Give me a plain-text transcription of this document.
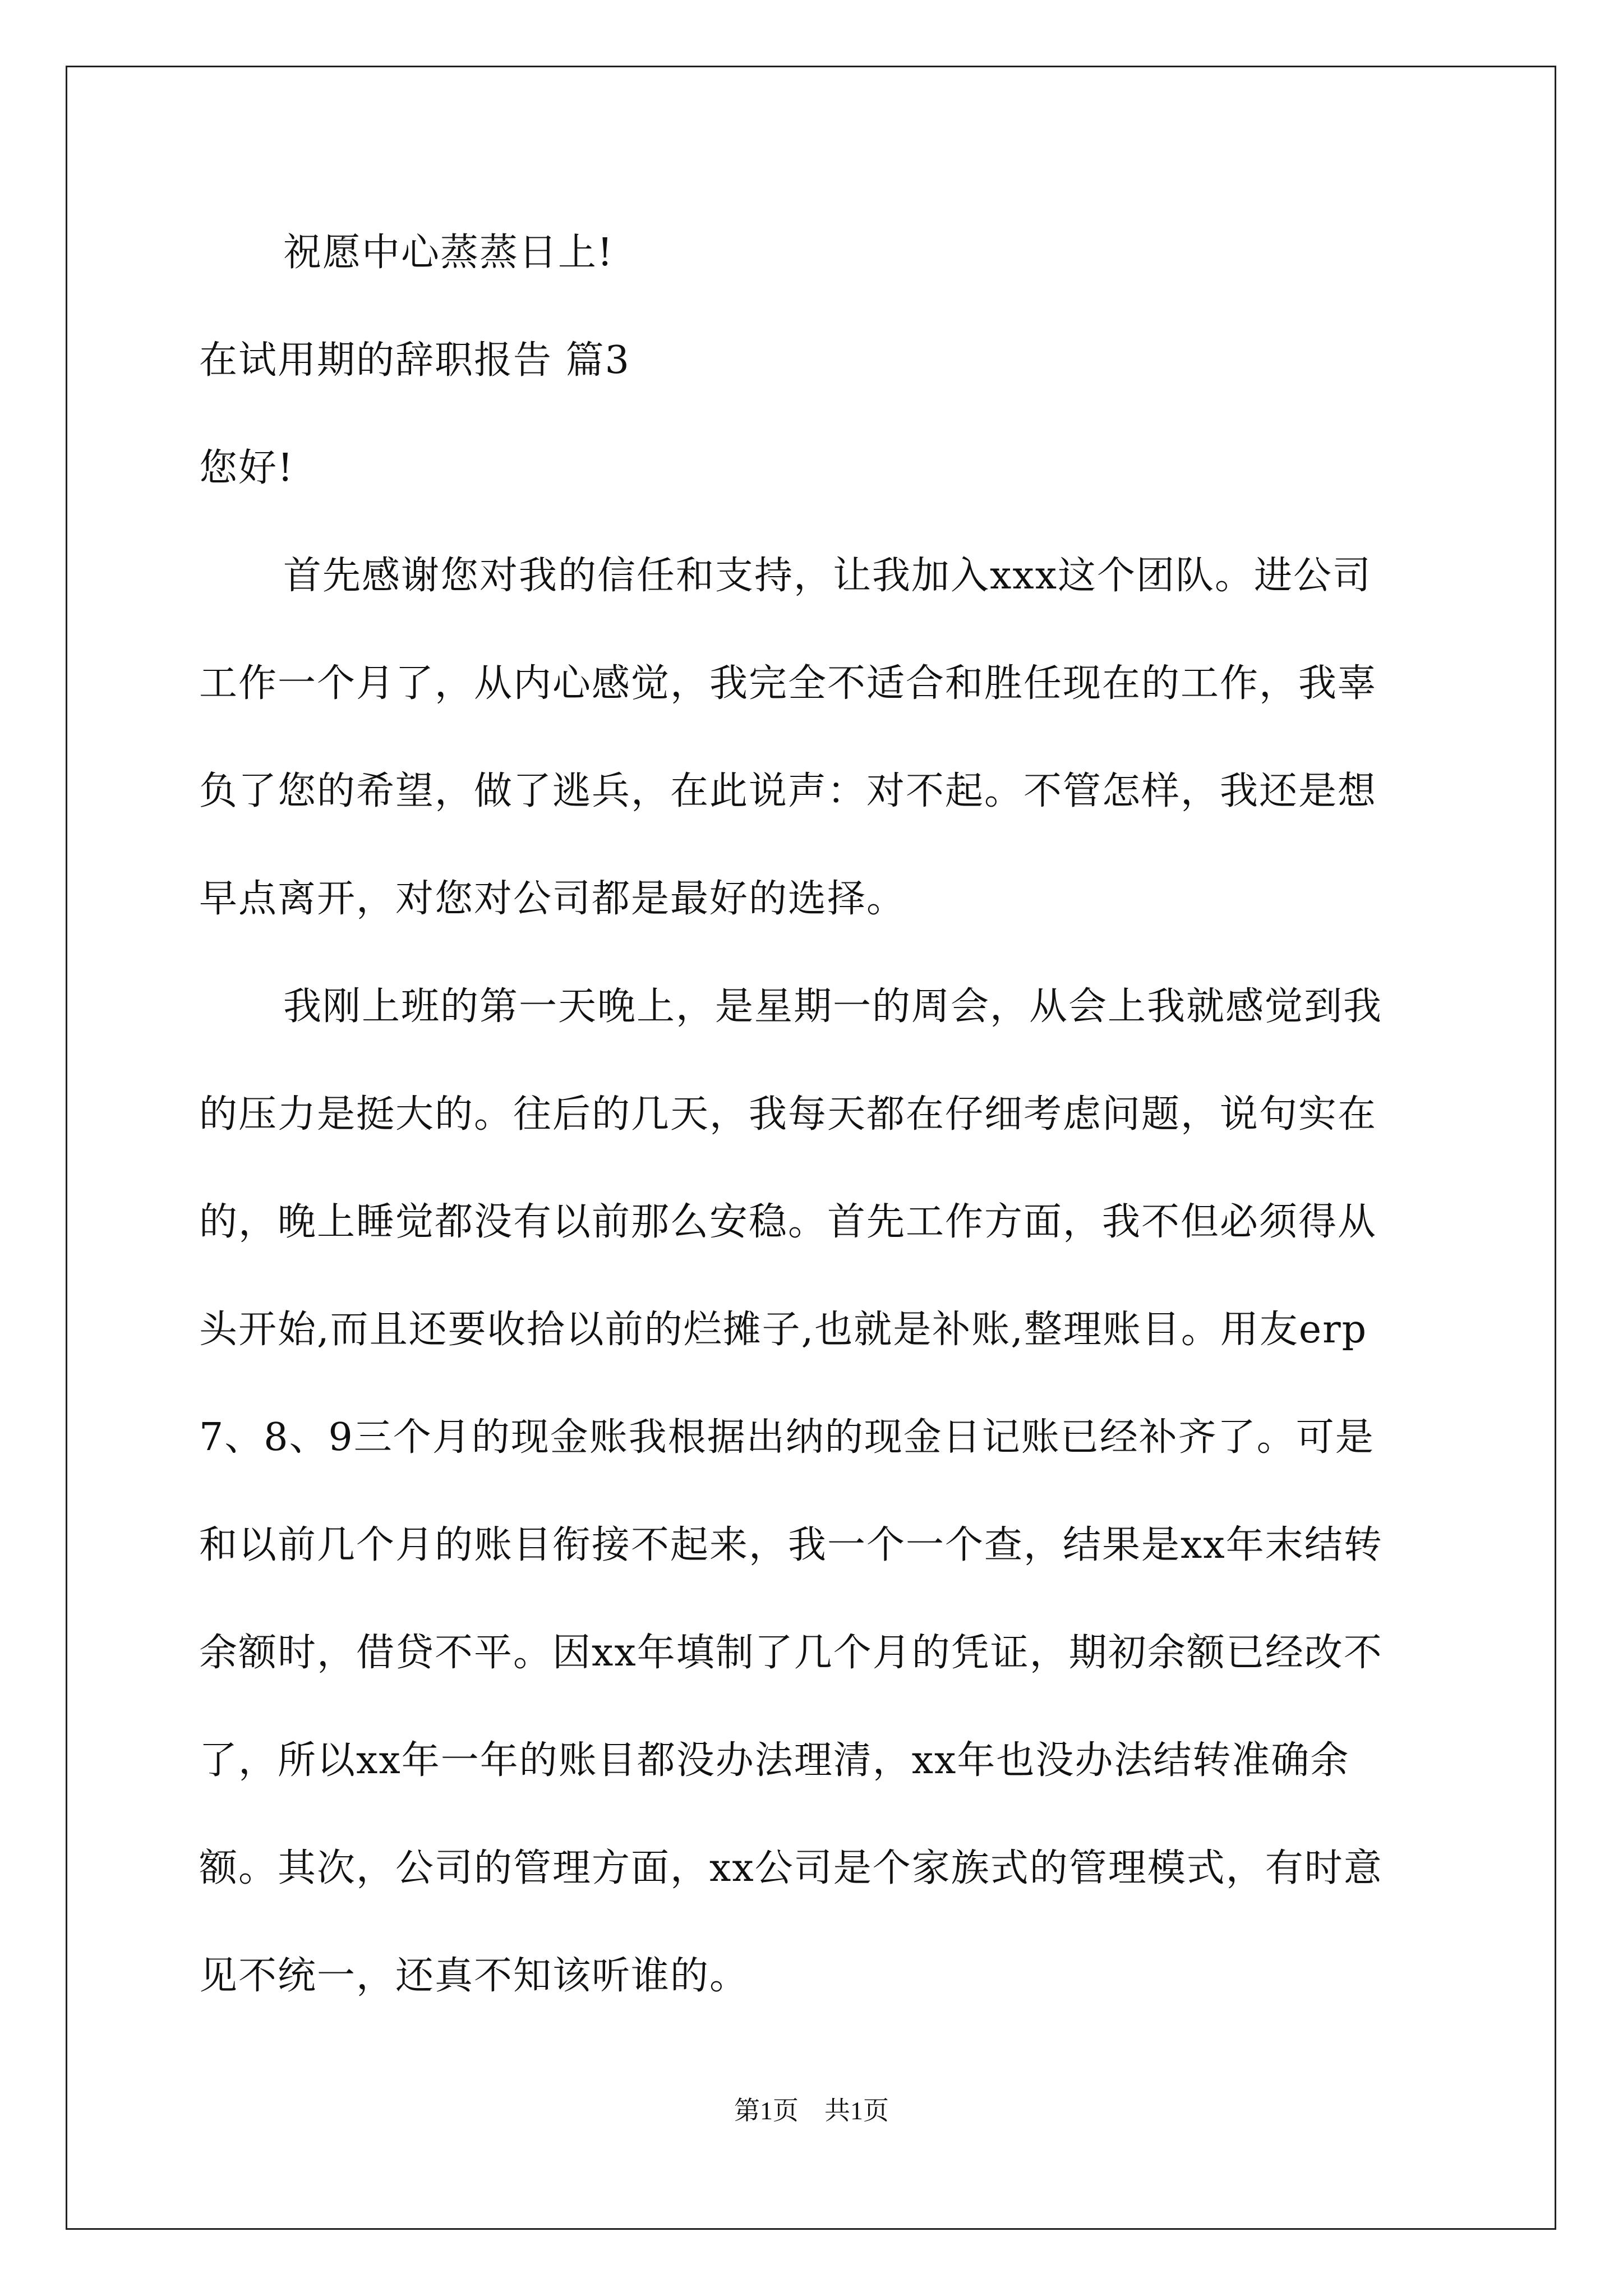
祝愿中心蒸蒸日上!
在试用期的辞职报告 篇3
您好!
首先感谢您对我的信任和支持，让我加入xxx这个团队。进公司
工作一个月了，从内心感觉，我完全不适合和胜任现在的工作，我辜
负了您的希望，做了逃兵，在此说声：对不起。不管怎样，我还是想
早点离开，对您对公司都是最好的选择。
我刚上班的第一天晚上，是星期一的周会，从会上我就感觉到我
的压力是挺大的。往后的几天，我每天都在仔细考虑问题，说句实在
的，晚上睡觉都没有以前那么安稳。首先工作方面，我不但必须得从
头开始,而且还要收拾以前的烂摊子,也就是补账,整理账目。用友erp
7、8、9三个月的现金账我根据出纳的现金日记账已经补齐了。可是
和以前几个月的账目衔接不起来，我一个一个查，结果是xx年末结转
余额时，借贷不平。因xx年填制了几个月的凭证，期初余额已经改不
了，所以xx年一年的账目都没办法理清，xx年也没办法结转准确余
额。其次，公司的管理方面，xx公司是个家族式的管理模式，有时意
见不统一，还真不知该听谁的。
第1页　共1页
